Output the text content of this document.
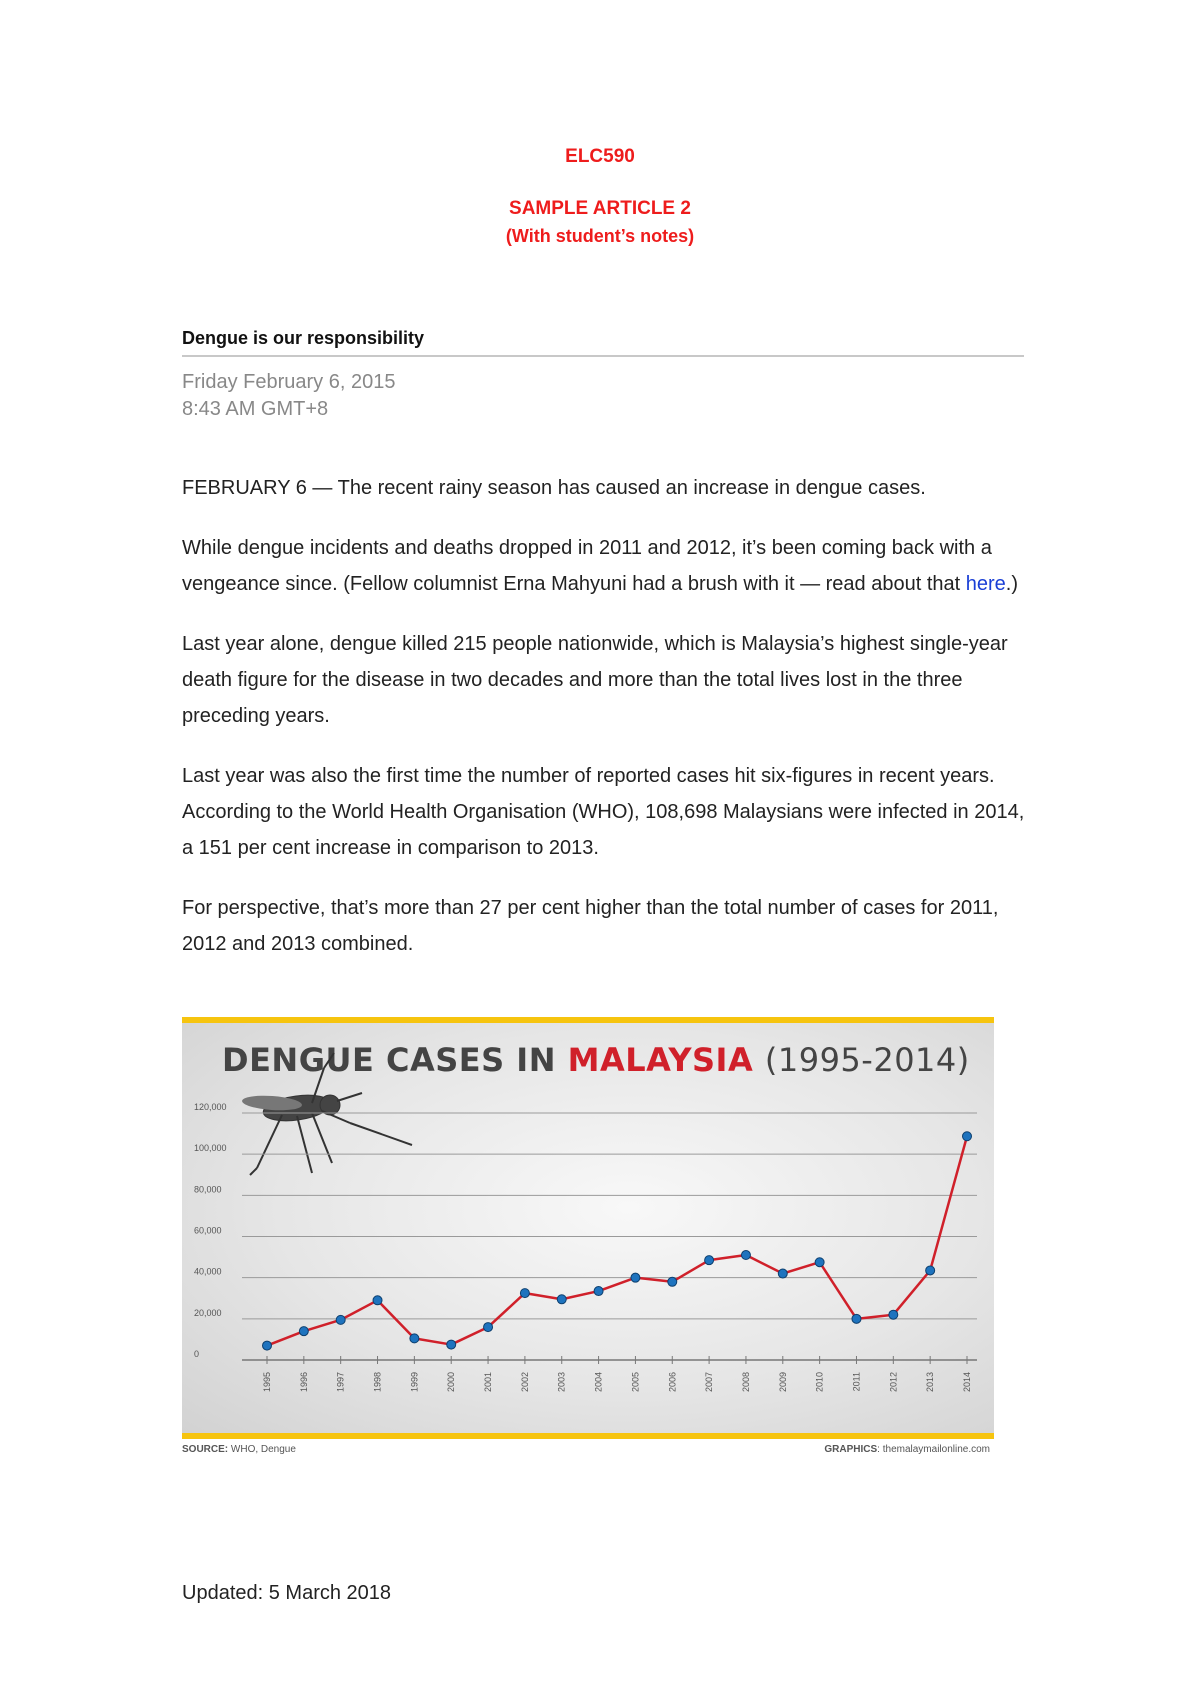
ELC590
SAMPLE ARTICLE 2
(With student’s notes)
Dengue is our responsibility
Friday February 6, 2015
8:43 AM GMT+8

FEBRUARY 6 — The recent rainy season has caused an increase in dengue cases.

While dengue incidents and deaths dropped in 2011 and 2012, it’s been coming back with a vengeance since. (Fellow columnist Erna Mahyuni had a brush with it — read about that here.)

Last year alone, dengue killed 215 people nationwide, which is Malaysia’s highest single-year death figure for the disease in two decades and more than the total lives lost in the three preceding years.

Last year was also the first time the number of reported cases hit six-figures in recent years. According to the World Health Organisation (WHO), 108,698 Malaysians were infected in 2014, a 151 per cent increase in comparison to 2013.

For perspective, that’s more than 27 per cent higher than the total number of cases for 2011, 2012 and 2013 combined.

DENGUE CASES IN MALAYSIA (1995-2014)
0
20,000
40,000
60,000
80,000
100,000
120,000
1995	1996	1997	1998	1999	2000	2001	2002	2003	2004	2005	2006	2007	2008	2009	2010	2011	2012	2013	2014
SOURCE: WHO, Dengue	GRAPHICS: themalaymailonline.com
Updated: 5 March 2018
